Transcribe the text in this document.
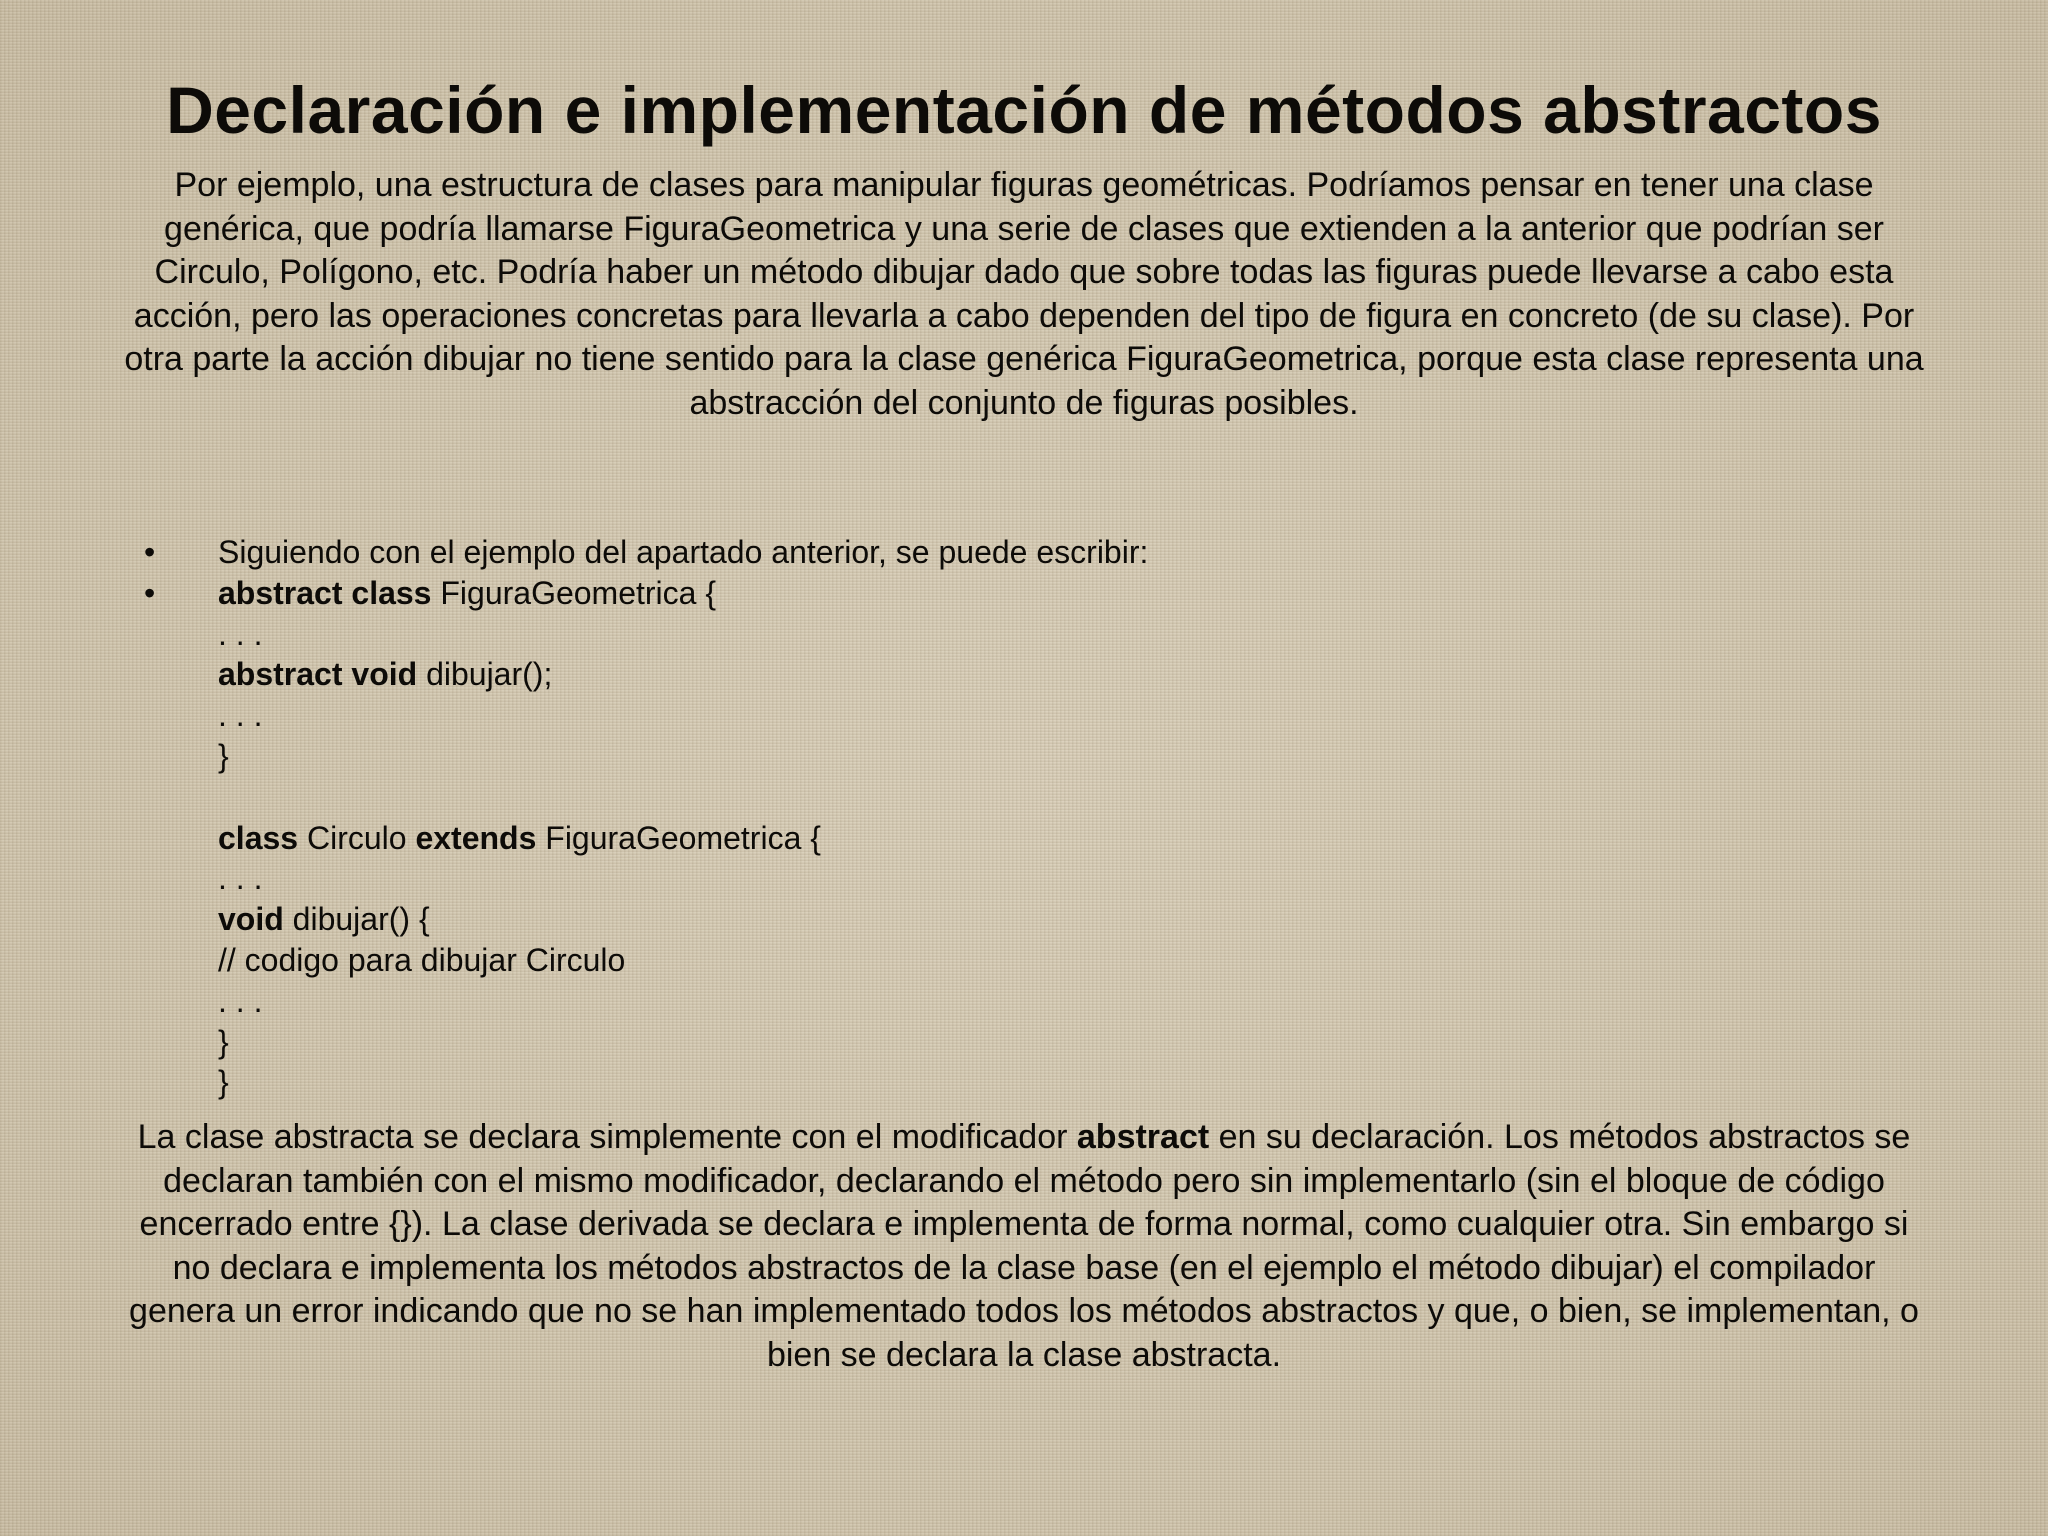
Declaración e implementación de métodos abstractos

Por ejemplo, una estructura de clases para manipular figuras geométricas. Podríamos pensar en tener una clase genérica, que podría llamarse FiguraGeometrica y una serie de clases que extienden a la anterior que podrían ser Circulo, Polígono, etc. Podría haber un método dibujar dado que sobre todas las figuras puede llevarse a cabo esta acción, pero las operaciones concretas para llevarla a cabo dependen del tipo de figura en concreto (de su clase). Por otra parte la acción dibujar no tiene sentido para la clase genérica FiguraGeometrica, porque esta clase representa una abstracción del conjunto de figuras posibles.

• Siguiendo con el ejemplo del apartado anterior, se puede escribir:
• abstract class FiguraGeometrica {
. . .
abstract void dibujar();
. . .
}
class Circulo extends FiguraGeometrica {
. . .
void dibujar() {
// codigo para dibujar Circulo
. . .
}
}

La clase abstracta se declara simplemente con el modificador abstract en su declaración. Los métodos abstractos se declaran también con el mismo modificador, declarando el método pero sin implementarlo (sin el bloque de código encerrado entre {}). La clase derivada se declara e implementa de forma normal, como cualquier otra. Sin embargo si no declara e implementa los métodos abstractos de la clase base (en el ejemplo el método dibujar) el compilador genera un error indicando que no se han implementado todos los métodos abstractos y que, o bien, se implementan, o bien se declara la clase abstracta.
